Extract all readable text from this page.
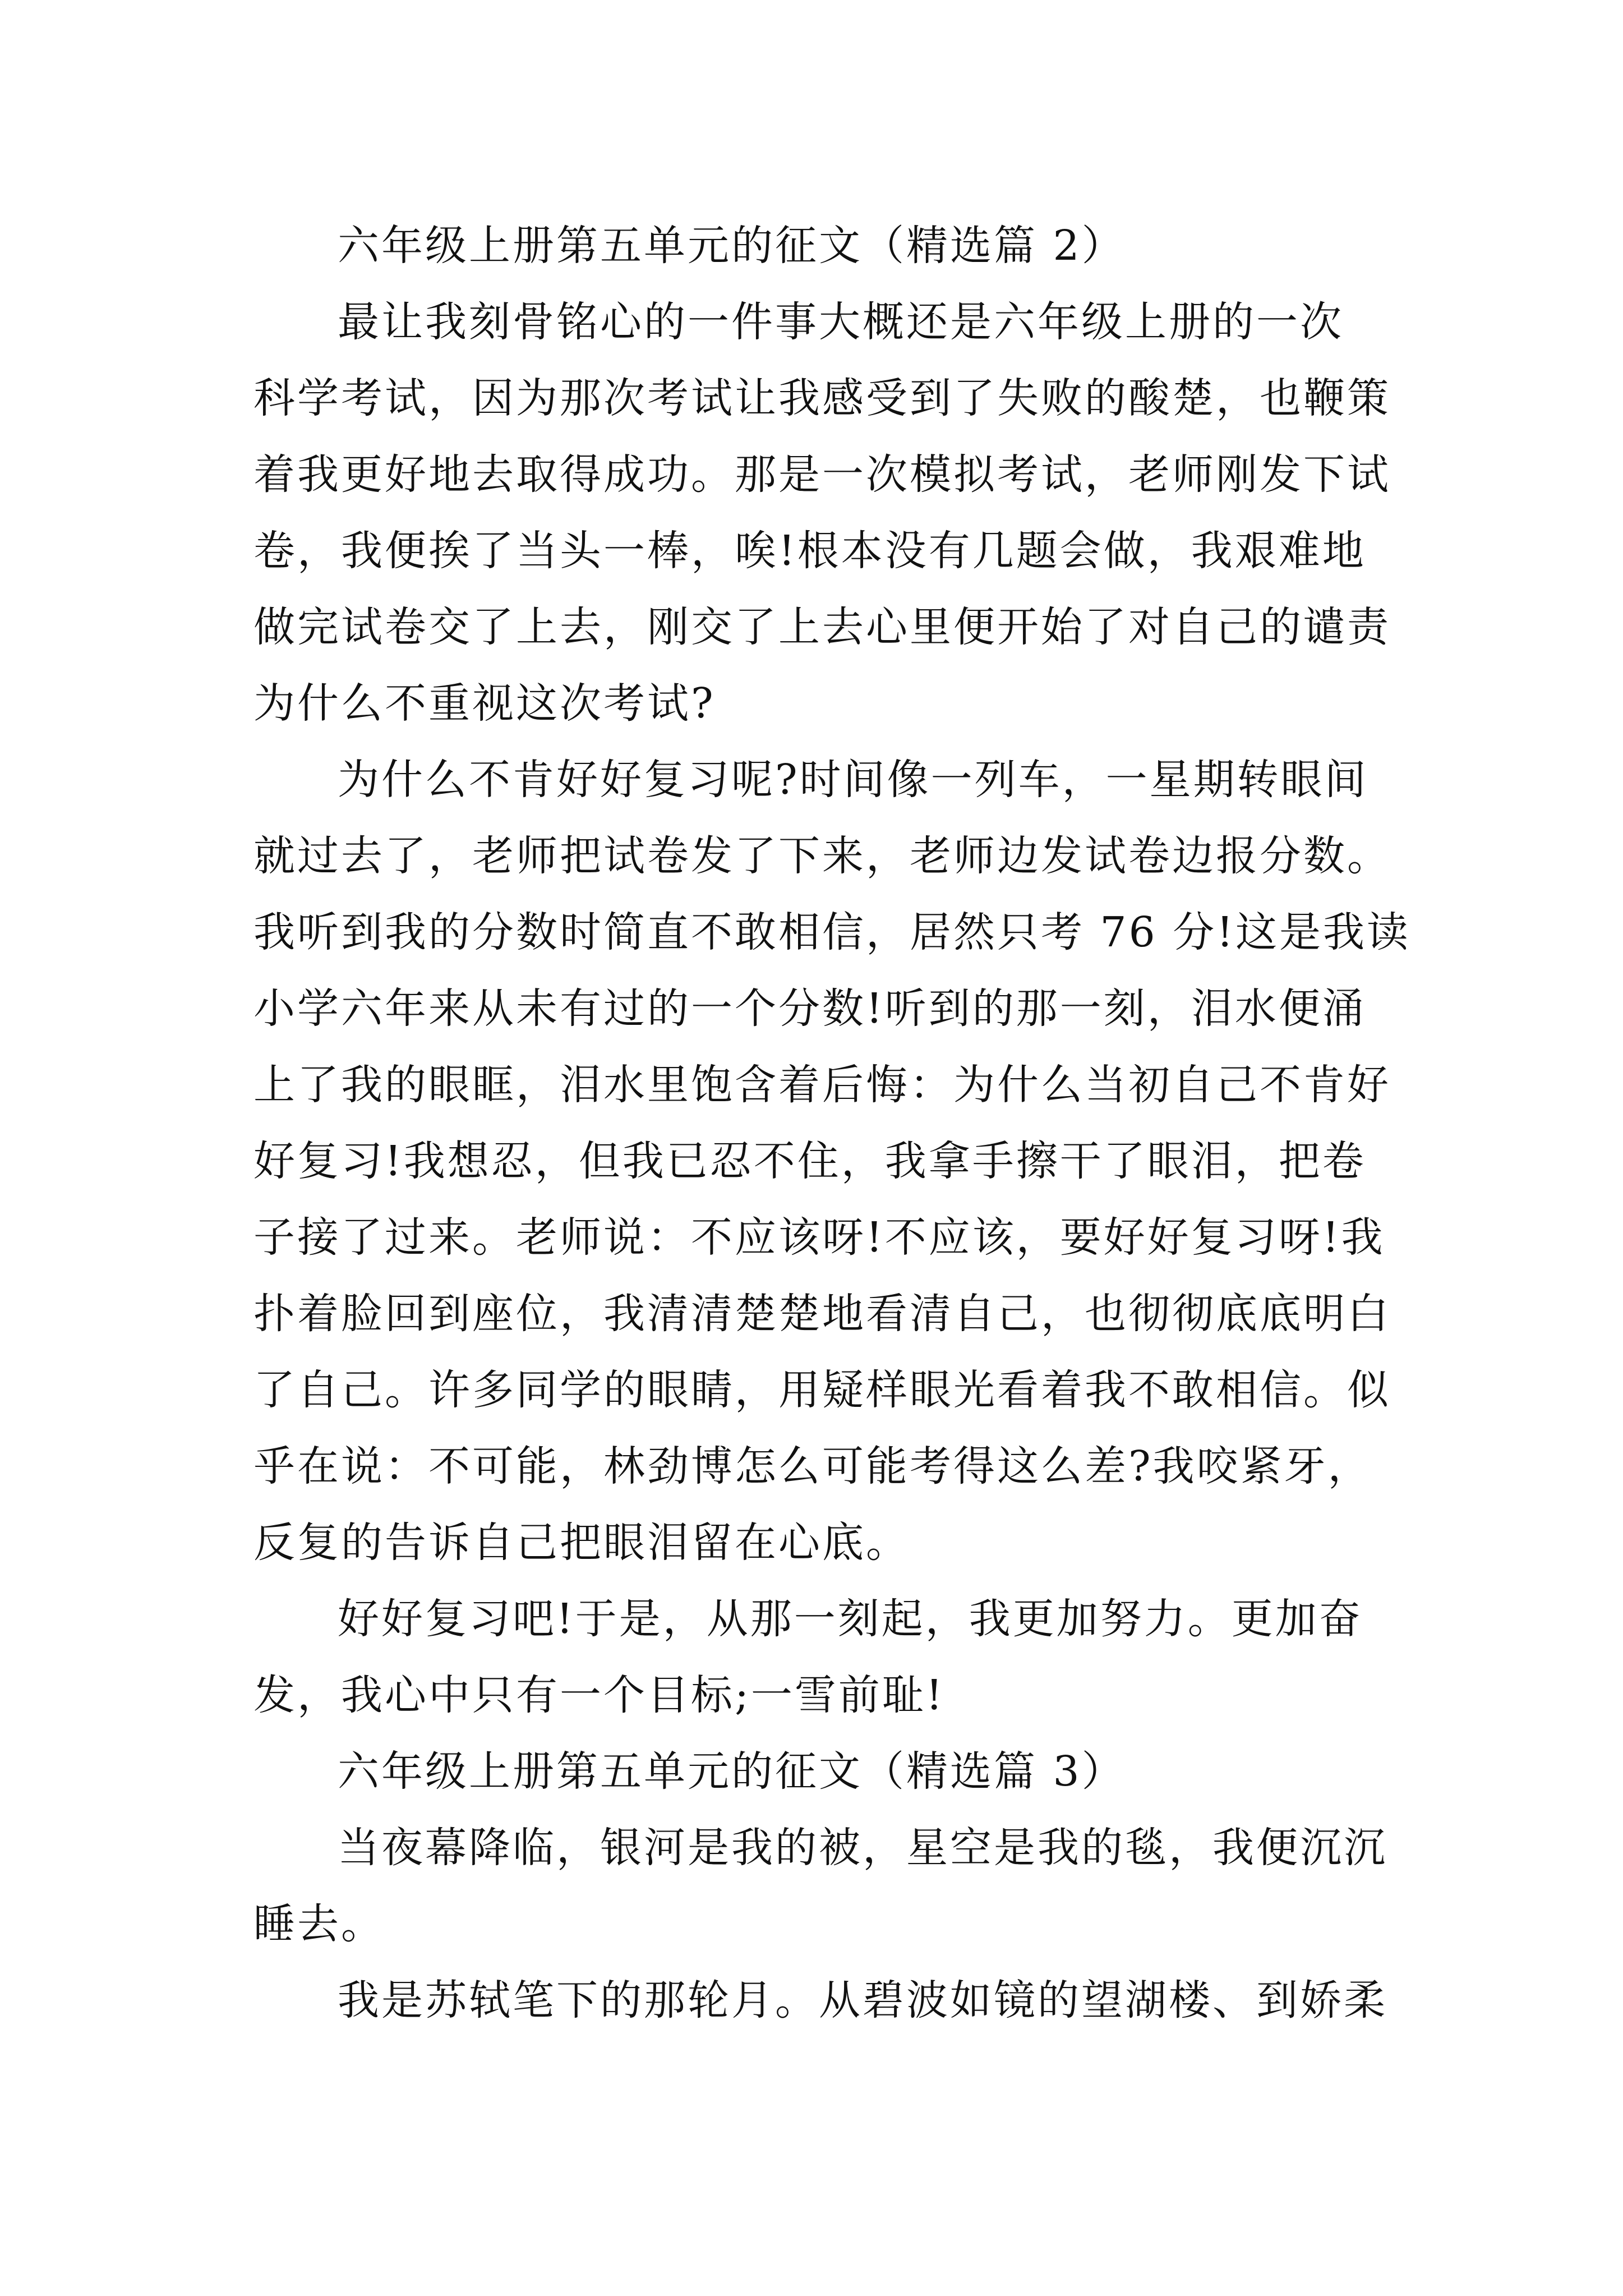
六年级上册第五单元的征文（精选篇 2）
最让我刻骨铭心的一件事大概还是六年级上册的一次
科学考试，因为那次考试让我感受到了失败的酸楚，也鞭策
着我更好地去取得成功。那是一次模拟考试，老师刚发下试
卷，我便挨了当头一棒，唉!根本没有几题会做，我艰难地
做完试卷交了上去，刚交了上去心里便开始了对自己的谴责
为什么不重视这次考试?
为什么不肯好好复习呢?时间像一列车，一星期转眼间
就过去了，老师把试卷发了下来，老师边发试卷边报分数。
我听到我的分数时简直不敢相信，居然只考 76 分!这是我读
小学六年来从未有过的一个分数!听到的那一刻，泪水便涌
上了我的眼眶，泪水里饱含着后悔：为什么当初自己不肯好
好复习!我想忍，但我已忍不住，我拿手擦干了眼泪，把卷
子接了过来。老师说：不应该呀!不应该，要好好复习呀!我
扑着脸回到座位，我清清楚楚地看清自己，也彻彻底底明白
了自己。许多同学的眼睛，用疑样眼光看着我不敢相信。似
乎在说：不可能，林劲博怎么可能考得这么差?我咬紧牙，
反复的告诉自己把眼泪留在心底。
好好复习吧!于是，从那一刻起，我更加努力。更加奋
发，我心中只有一个目标;一雪前耻!
六年级上册第五单元的征文（精选篇 3）
当夜幕降临，银河是我的被，星空是我的毯，我便沉沉
睡去。
我是苏轼笔下的那轮月。从碧波如镜的望湖楼、到娇柔
